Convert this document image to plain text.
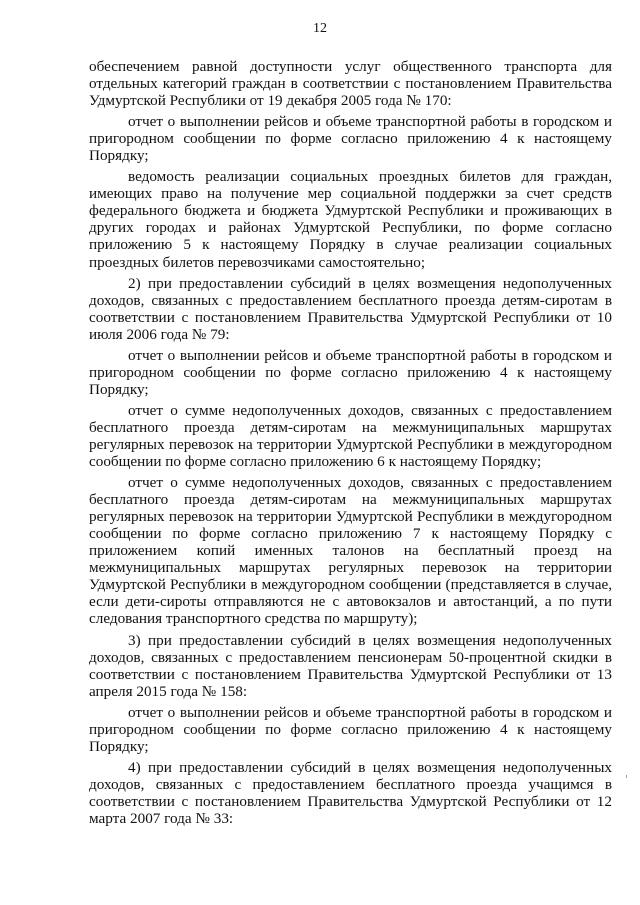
12

обеспечением равной доступности услуг общественного транспорта для отдельных категорий граждан в соответствии с постановлением Правительства Удмуртской Республики от 19 декабря 2005 года № 170:

отчет о выполнении рейсов и объеме транспортной работы в городском и пригородном сообщении по форме согласно приложению 4 к настоящему Порядку;

ведомость реализации социальных проездных билетов для граждан, имеющих право на получение мер социальной поддержки за счет средств федерального бюджета и бюджета Удмуртской Республики и проживающих в других городах и районах Удмуртской Республики, по форме согласно приложению 5 к настоящему Порядку в случае реализации социальных проездных билетов перевозчиками самостоятельно;

2) при предоставлении субсидий в целях возмещения недополученных доходов, связанных с предоставлением бесплатного проезда детям-сиротам в соответствии с постановлением Правительства Удмуртской Республики от 10 июля 2006 года № 79:

отчет о выполнении рейсов и объеме транспортной работы в городском и пригородном сообщении по форме согласно приложению 4 к настоящему Порядку;

отчет о сумме недополученных доходов, связанных с предоставлением бесплатного проезда детям-сиротам на межмуниципальных маршрутах регулярных перевозок на территории Удмуртской Республики в междугородном сообщении по форме согласно приложению 6 к настоящему Порядку;

отчет о сумме недополученных доходов, связанных с предоставлением бесплатного проезда детям-сиротам на межмуниципальных маршрутах регулярных перевозок на территории Удмуртской Республики в междугородном сообщении по форме согласно приложению 7 к настоящему Порядку с приложением копий именных талонов на бесплатный проезд на межмуниципальных маршрутах регулярных перевозок на территории Удмуртской Республики в междугородном сообщении (представляется в случае, если дети-сироты отправляются не с автовокзалов и автостанций, а по пути следования транспортного средства по маршруту);

3) при предоставлении субсидий в целях возмещения недополученных доходов, связанных с предоставлением пенсионерам 50-процентной скидки в соответствии с постановлением Правительства Удмуртской Республики от 13 апреля 2015 года № 158:

отчет о выполнении рейсов и объеме транспортной работы в городском и пригородном сообщении по форме согласно приложению 4 к настоящему Порядку;

4) при предоставлении субсидий в целях возмещения недополученных доходов, связанных с предоставлением бесплатного проезда учащимся в соответствии с постановлением Правительства Удмуртской Республики от 12 марта 2007 года № 33:
